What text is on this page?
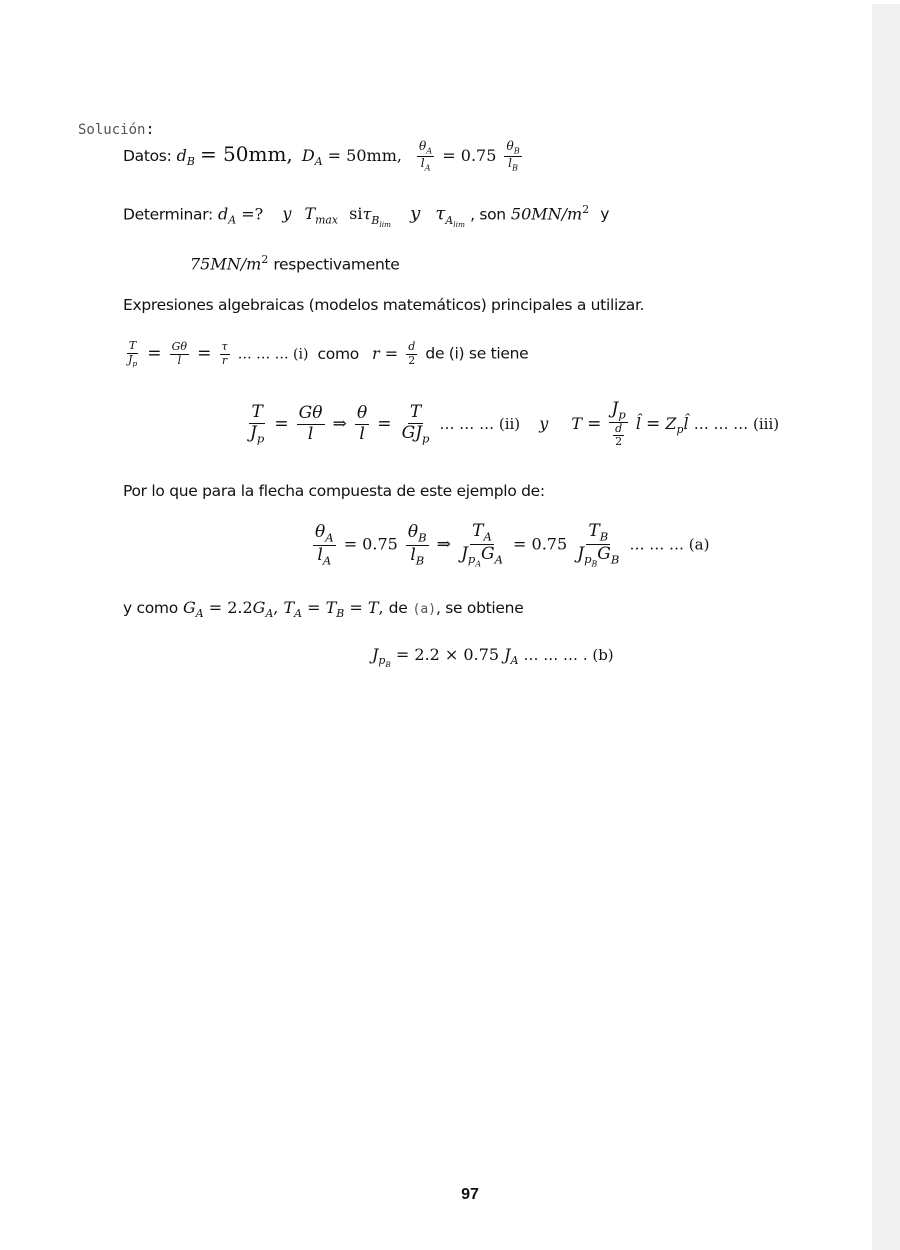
Solución:
Datos: $d_B = 50mm$, $D_A = 50mm$, $\frac{\theta_A}{l_A} = 0.75 \frac{\theta_B}{l_B}$
Determinar: $d_A$ =? y $T_{max}$ siτ$_{B_{lim}}$ y $\tau_{A_{lim}}$ , son $50MN/m^2$ y
$75MN/m^2$ respectivamente
Expresiones algebraicas (modelos matemáticos) principales a utilizar.
$\frac{T}{J_p} = \frac{G\theta}{l} = \frac{\tau}{r}$ … … … (i) como $r = \frac{d}{2}$ de (i) se tiene
$\frac{T}{J_p} = \frac{G\theta}{l}$ ⇒ $\frac{\theta}{l} = \frac{T}{GJ_p}$ … … … (ii) y $T = \frac{J_p}{\frac{d}{2}}$ l̂ = $Z_pl̂$ … … … (iii)
Por lo que para la flecha compuesta de este ejemplo de:
$\frac{\theta_A}{l_A} = 0.75 \frac{\theta_B}{l_B}$ ⇒ $\frac{T_A}{J_{p_A}G_A} = 0.75 \frac{T_B}{J_{p_B}G_B}$ … … … (a)
y como $G_A = 2.2G_A$, $T_A = T_B = T$, de (a), se obtiene
$J_{p_B} = 2.2 \times 0.75$ $J_A$ … … … . (b)
97
